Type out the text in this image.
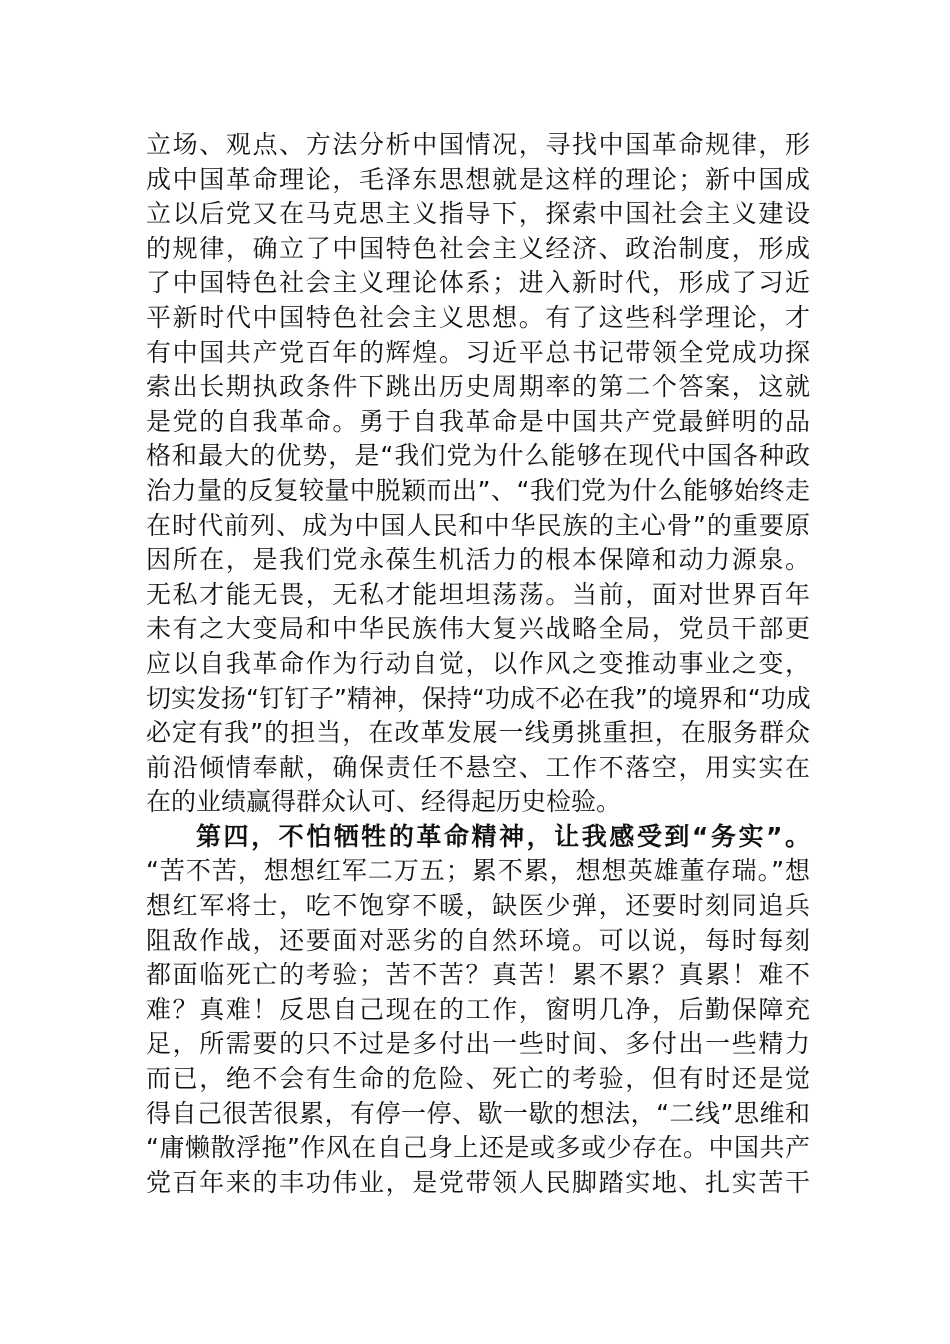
立场、观点、方法分析中国情况，寻找中国革命规律，形
成中国革命理论，毛泽东思想就是这样的理论；新中国成
立以后党又在马克思主义指导下，探索中国社会主义建设
的规律，确立了中国特色社会主义经济、政治制度，形成
了中国特色社会主义理论体系；进入新时代，形成了习近
平新时代中国特色社会主义思想。有了这些科学理论，才
有中国共产党百年的辉煌。习近平总书记带领全党成功探
索出长期执政条件下跳出历史周期率的第二个答案，这就
是党的自我革命。勇于自我革命是中国共产党最鲜明的品
格和最大的优势，是“我们党为什么能够在现代中国各种政
治力量的反复较量中脱颖而出”、“我们党为什么能够始终走
在时代前列、成为中国人民和中华民族的主心骨”的重要原
因所在，是我们党永葆生机活力的根本保障和动力源泉。
无私才能无畏，无私才能坦坦荡荡。当前，面对世界百年
未有之大变局和中华民族伟大复兴战略全局，党员干部更
应以自我革命作为行动自觉，以作风之变推动事业之变，
切实发扬“钉钉子”精神，保持“功成不必在我”的境界和“功成
必定有我”的担当，在改革发展一线勇挑重担，在服务群众
前沿倾情奉献，确保责任不悬空、工作不落空，用实实在
在的业绩赢得群众认可、经得起历史检验。
第四，不怕牺牲的革命精神，让我感受到“务实”。
“苦不苦，想想红军二万五；累不累，想想英雄董存瑞。”想
想红军将士，吃不饱穿不暖，缺医少弹，还要时刻同追兵
阻敌作战，还要面对恶劣的自然环境。可以说，每时每刻
都面临死亡的考验；苦不苦？真苦！累不累？真累！难不
难？真难！反思自己现在的工作，窗明几净，后勤保障充
足，所需要的只不过是多付出一些时间、多付出一些精力
而已，绝不会有生命的危险、死亡的考验，但有时还是觉
得自己很苦很累，有停一停、歇一歇的想法，“二线”思维和
“庸懒散浮拖”作风在自己身上还是或多或少存在。中国共产
党百年来的丰功伟业，是党带领人民脚踏实地、扎实苦干
